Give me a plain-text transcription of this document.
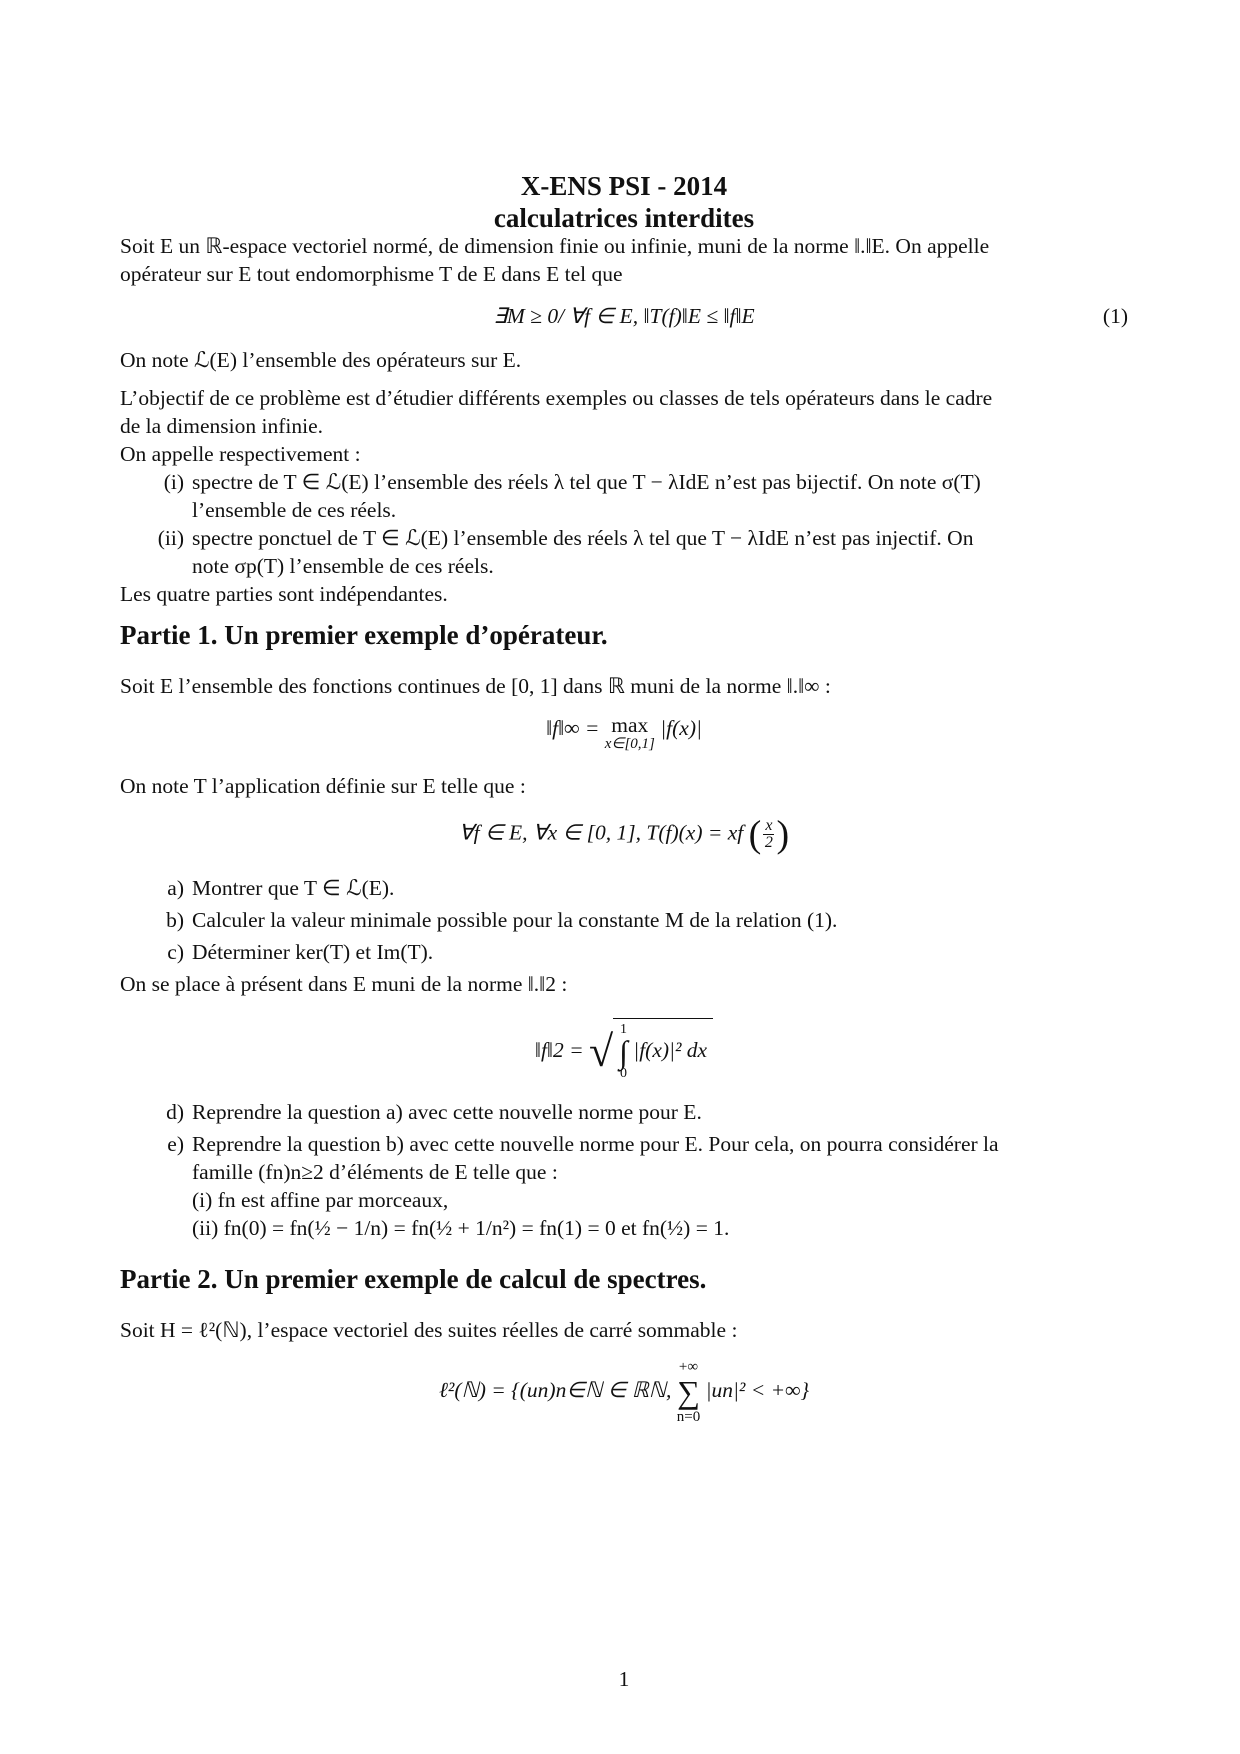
X-ENS PSI - 2014
calculatrices interdites

Soit E un ℝ-espace vectoriel normé, de dimension finie ou infinie, muni de la norme ‖.‖E. On appelle

opérateur sur E tout endomorphisme T de E dans E tel que

∃M ≥ 0/ ∀f ∈ E, ‖T(f)‖E ≤ ‖f‖E	(1)

On note ℒ(E) l’ensemble des opérateurs sur E.

L’objectif de ce problème est d’étudier différents exemples ou classes de tels opérateurs dans le cadre

de la dimension infinie.

On appelle respectivement :

(i) spectre de T ∈ ℒ(E) l’ensemble des réels λ tel que T − λIdE n’est pas bijectif. On note σ(T)

l’ensemble de ces réels.

(ii) spectre ponctuel de T ∈ ℒ(E) l’ensemble des réels λ tel que T − λIdE n’est pas injectif. On

note σp(T) l’ensemble de ces réels.

Les quatre parties sont indépendantes.

Partie 1. Un premier exemple d’opérateur.

Soit E l’ensemble des fonctions continues de [0, 1] dans ℝ muni de la norme ‖.‖∞ :

‖f‖∞ = max
x∈[0,1]
|f(x)|

On note T l’application définie sur E telle que :

∀f ∈ E, ∀x ∈ [0, 1], T(f)(x) = xf ( $\frac{x}{2}$ )
a) Montrer que T ∈ ℒ(E).
b) Calculer la valeur minimale possible pour la constante M de la relation (1).
c) Déterminer ker(T) et Im(T).

On se place à présent dans E muni de la norme ‖.‖2 :

‖f‖2 = √ 1
∫
0
|f(x)|² dx
d) Reprendre la question a) avec cette nouvelle norme pour E.
e) Reprendre la question b) avec cette nouvelle norme pour E. Pour cela, on pourra considérer la

famille (fn)n≥2 d’éléments de E telle que :

(i) fn est affine par morceaux,

(ii) fn(0) = fn(½ − 1/n) = fn(½ + 1/n²) = fn(1) = 0 et fn(½) = 1.

Partie 2. Un premier exemple de calcul de spectres.

Soit H = ℓ²(ℕ), l’espace vectoriel des suites réelles de carré sommable :

ℓ²(ℕ) = {(un)n∈ℕ ∈ ℝℕ,
+∞
∑
n=0
|un|² < +∞}
1
